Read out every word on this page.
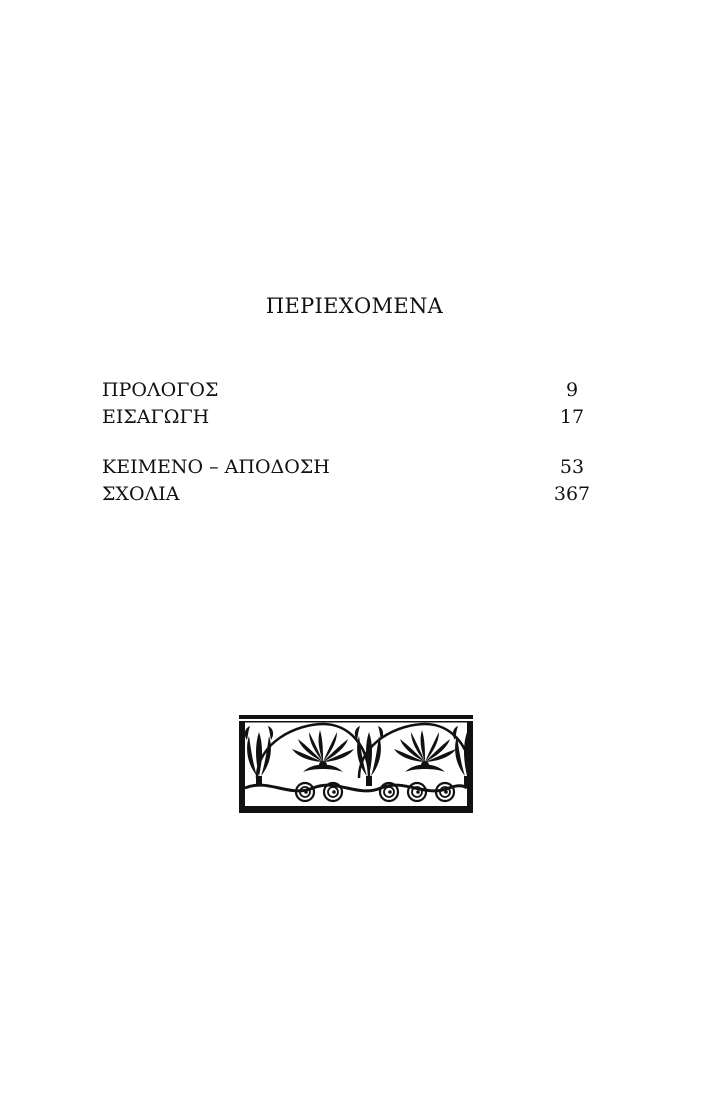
ΠΕΡΙΕΧΟΜΕΝΑ
ΠΡΟΛΟΓΟΣ	9
ΕΙΣΑΓΩΓΗ	17
ΚΕΙΜΕΝΟ – ΑΠΟΔΟΣΗ	53
ΣΧΟΛΙΑ	367
